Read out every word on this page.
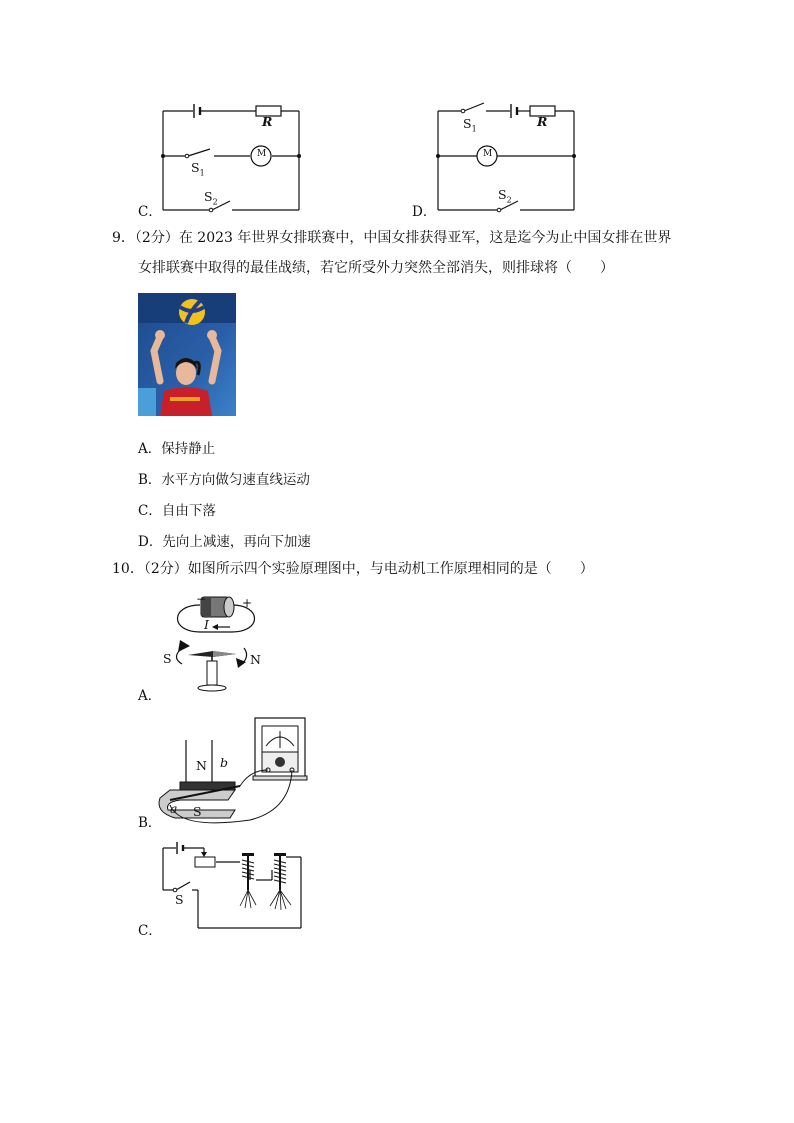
R
M
$S_1$
$S_2$
C．
R
M
$S_1$
$S_2$
D．
9．（2分）在 2023 年世界女排联赛中，中国女排获得亚军，这是迄今为止中国女排在世界
女排联赛中取得的最佳战绩，若它所受外力突然全部消失，则排球将（　　）
A．保持静止
B．水平方向做匀速直线运动
C．自由下落
D．先向上减速，再向下加速
10．（2分）如图所示四个实验原理图中，与电动机工作原理相同的是（　　）
−	+
I
S	N
A．
N b
S
a
B．
S
C．
